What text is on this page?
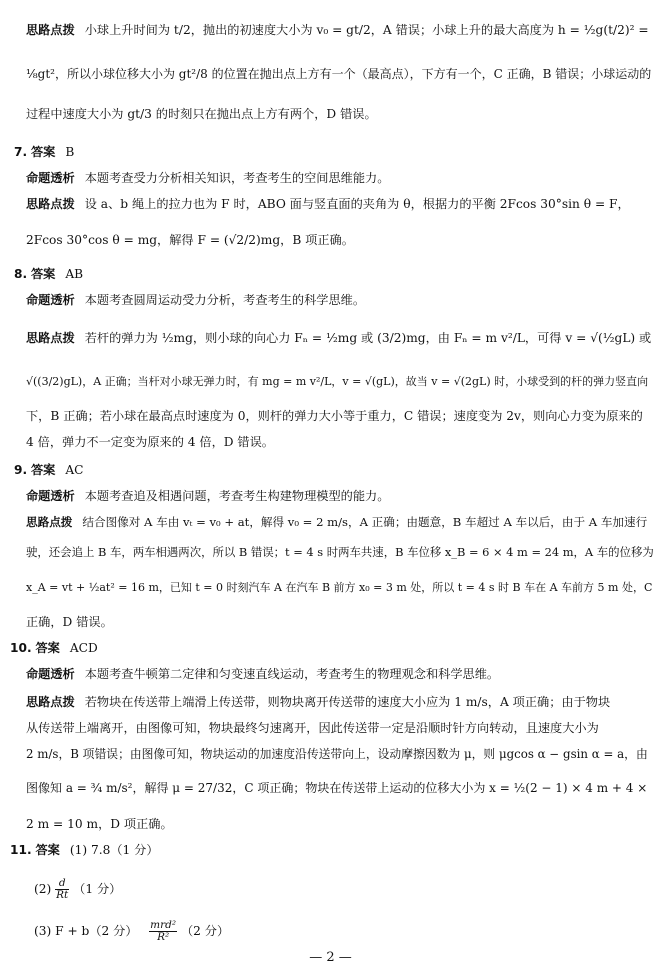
思路点拨 小球上升时间为 t/2，抛出的初速度大小为 v₀ = gt/2，A 错误；小球上升的最大高度为 h = ½g(t/2)² =
⅛gt²，所以小球位移大小为 gt²/8 的位置在抛出点上方有一个（最高点），下方有一个，C 正确，B 错误；小球运动的
过程中速度大小为 gt/3 的时刻只在抛出点上方有两个，D 错误。
7. 答案 B
命题透析 本题考查受力分析相关知识，考查考生的空间思维能力。
思路点拨 设 a、b 绳上的拉力也为 F 时，ABO 面与竖直面的夹角为 θ，根据力的平衡 2Fcos 30°sin θ = F，
2Fcos 30°cos θ = mg，解得 F = (√2/2)mg，B 项正确。
8. 答案 AB
命题透析 本题考查圆周运动受力分析，考查考生的科学思维。
思路点拨 若杆的弹力为 ½mg，则小球的向心力 Fₙ = ½mg 或 (3/2)mg，由 Fₙ = m v²/L，可得 v = √(½gL) 或
√((3/2)gL)，A 正确；当杆对小球无弹力时，有 mg = m v²/L，v = √(gL)，故当 v = √(2gL) 时，小球受到的杆的弹力竖直向
下，B 正确；若小球在最高点时速度为 0，则杆的弹力大小等于重力，C 错误；速度变为 2v，则向心力变为原来的
4 倍，弹力不一定变为原来的 4 倍，D 错误。
9. 答案 AC
命题透析 本题考查追及相遇问题，考查考生构建物理模型的能力。
思路点拨 结合图像对 A 车由 vₜ = v₀ + at，解得 v₀ = 2 m/s，A 正确；由题意，B 车超过 A 车以后，由于 A 车加速行
驶，还会追上 B 车，两车相遇两次，所以 B 错误；t = 4 s 时两车共速，B 车位移 x_B = 6 × 4 m = 24 m，A 车的位移为
x_A = vt + ½at² = 16 m，已知 t = 0 时刻汽车 A 在汽车 B 前方 x₀ = 3 m 处，所以 t = 4 s 时 B 车在 A 车前方 5 m 处，C
正确，D 错误。
10. 答案 ACD
命题透析 本题考查牛顿第二定律和匀变速直线运动，考查考生的物理观念和科学思维。
思路点拨 若物块在传送带上端滑上传送带，则物块离开传送带的速度大小应为 1 m/s，A 项正确；由于物块
从传送带上端离开，由图像可知，物块最终匀速离开，因此传送带一定是沿顺时针方向转动，且速度大小为
2 m/s，B 项错误；由图像可知，物块运动的加速度沿传送带向上，设动摩擦因数为 μ，则 μgcos α − gsin α = a，由
图像知 a = ¾ m/s²，解得 μ = 27/32，C 项正确；物块在传送带上运动的位移大小为 x = ½(2 − 1) × 4 m + 4 ×
2 m = 10 m，D 项正确。
11. 答案 (1) 7.8（1 分）
$(2) \frac{d}{Rt} (1$ 分）
(3) F + b（2 分） $\frac{\text{mrd²}}{\text{R²}} (2$ 分）
— 2 —
